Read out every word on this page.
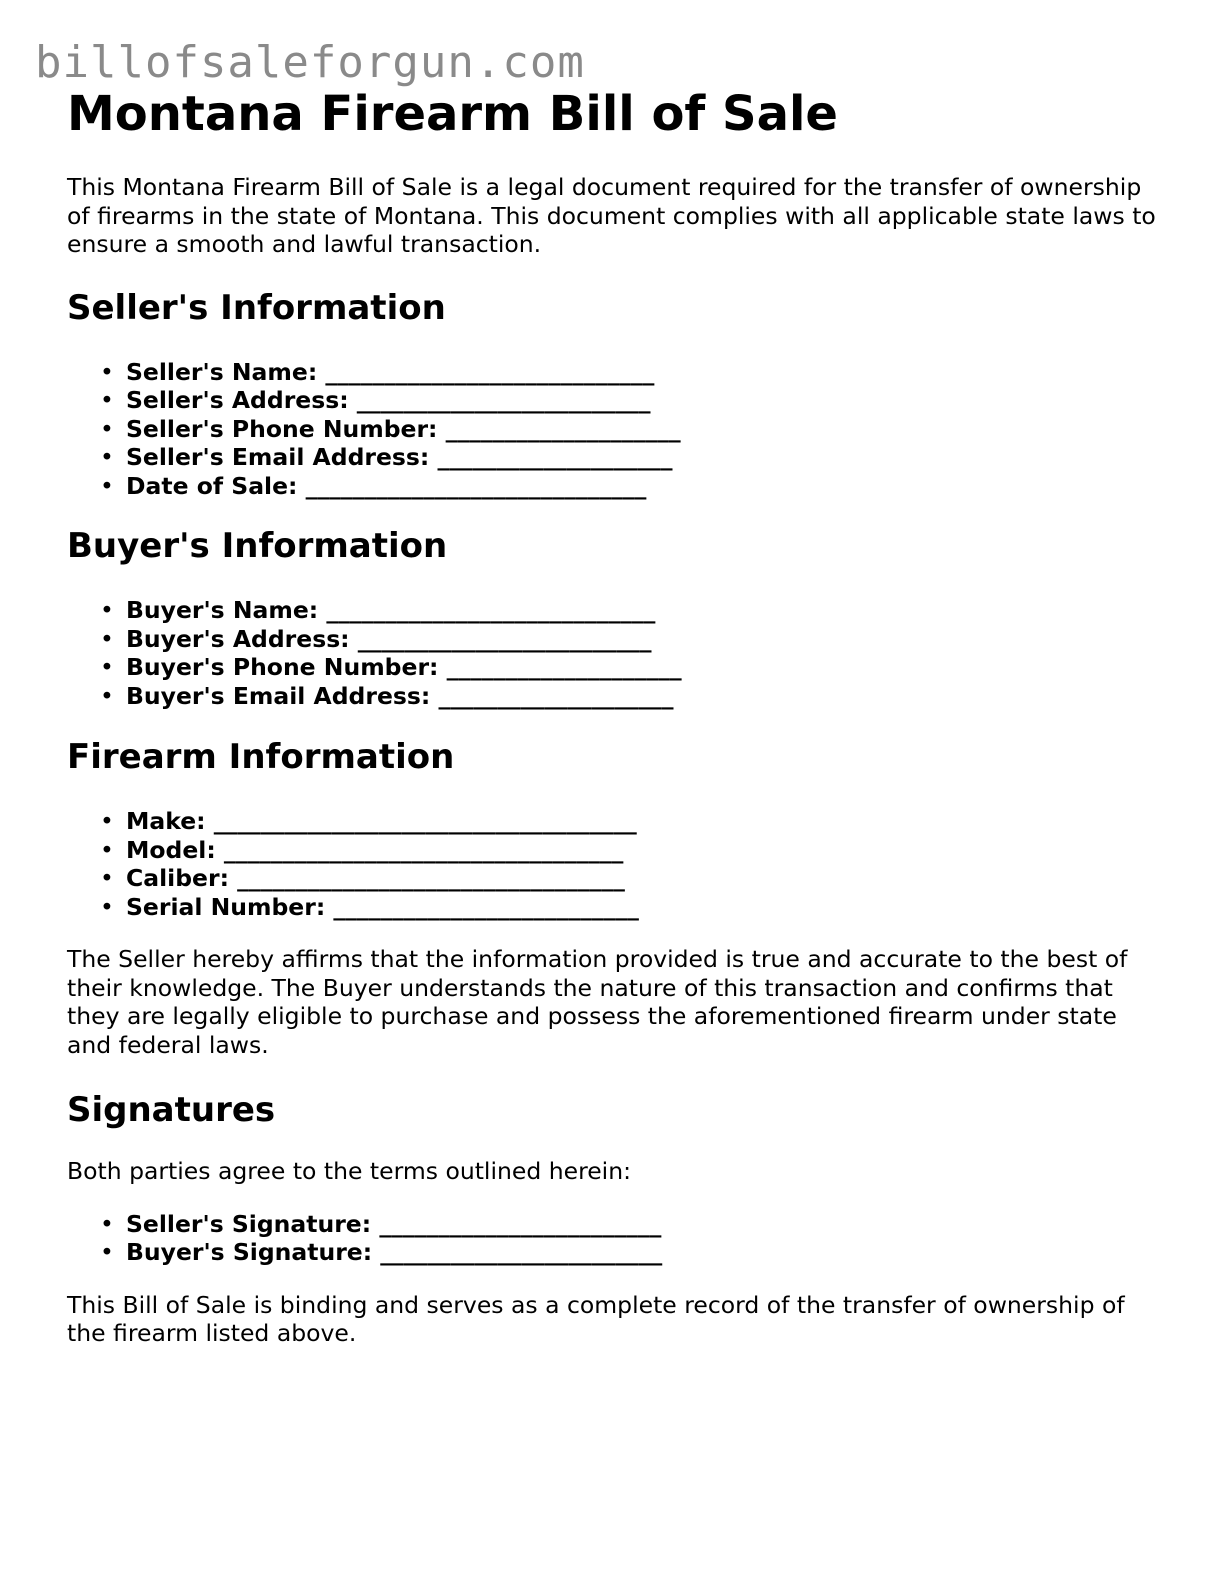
billofsaleforgun.com
Montana Firearm Bill of Sale

This Montana Firearm Bill of Sale is a legal document required for the transfer of ownership of firearms in the state of Montana. This document complies with all applicable state laws to ensure a smooth and lawful transaction.

Seller's Information
• Seller's Name: ____________________________
• Seller's Address: _________________________
• Seller's Phone Number: ____________________
• Seller's Email Address: ____________________
• Date of Sale: _____________________________
Buyer's Information
• Buyer's Name: ____________________________
• Buyer's Address: _________________________
• Buyer's Phone Number: ____________________
• Buyer's Email Address: ____________________
Firearm Information
• Make: ____________________________________
• Model: __________________________________
• Caliber: _________________________________
• Serial Number: __________________________

The Seller hereby affirms that the information provided is true and accurate to the best of their knowledge. The Buyer understands the nature of this transaction and confirms that they are legally eligible to purchase and possess the aforementioned firearm under state and federal laws.

Signatures

Both parties agree to the terms outlined herein:

• Seller's Signature: ________________________
• Buyer's Signature: ________________________

This Bill of Sale is binding and serves as a complete record of the transfer of ownership of the firearm listed above.
